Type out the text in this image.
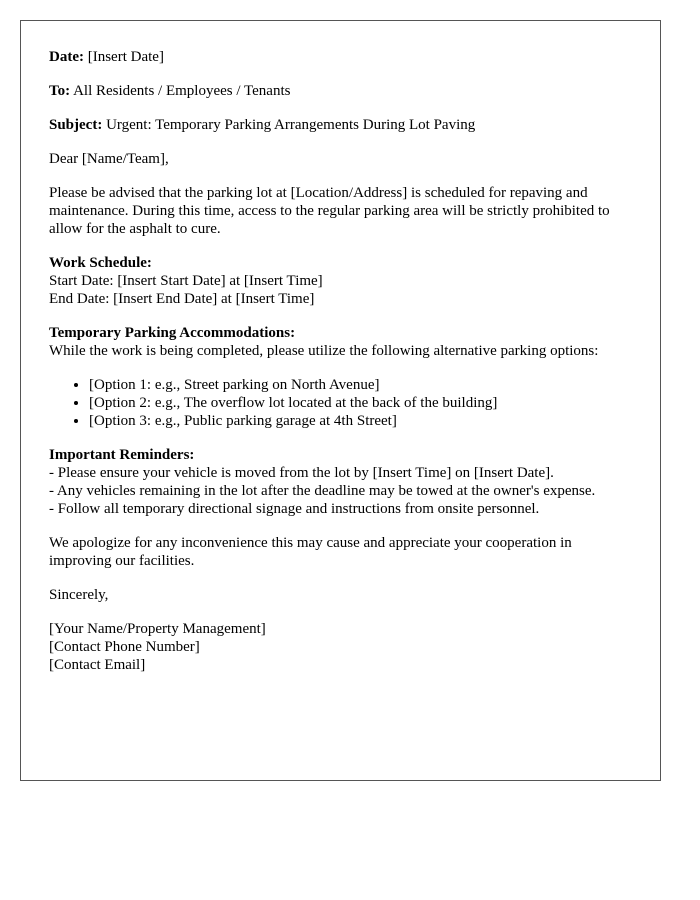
Date: [Insert Date]

To: All Residents / Employees / Tenants

Subject: Urgent: Temporary Parking Arrangements During Lot Paving

Dear [Name/Team],

Please be advised that the parking lot at [Location/Address] is scheduled for repaving and maintenance. During this time, access to the regular parking area will be strictly prohibited to allow for the asphalt to cure.

Work Schedule:
Start Date: [Insert Start Date] at [Insert Time]
End Date: [Insert End Date] at [Insert Time]

Temporary Parking Accommodations:
While the work is being completed, please utilize the following alternative parking options:

• [Option 1: e.g., Street parking on North Avenue]
• [Option 2: e.g., The overflow lot located at the back of the building]
• [Option 3: e.g., Public parking garage at 4th Street]

Important Reminders:
- Please ensure your vehicle is moved from the lot by [Insert Time] on [Insert Date].
- Any vehicles remaining in the lot after the deadline may be towed at the owner's expense.
- Follow all temporary directional signage and instructions from onsite personnel.

We apologize for any inconvenience this may cause and appreciate your cooperation in improving our facilities.

Sincerely,

[Your Name/Property Management]
[Contact Phone Number]
[Contact Email]
